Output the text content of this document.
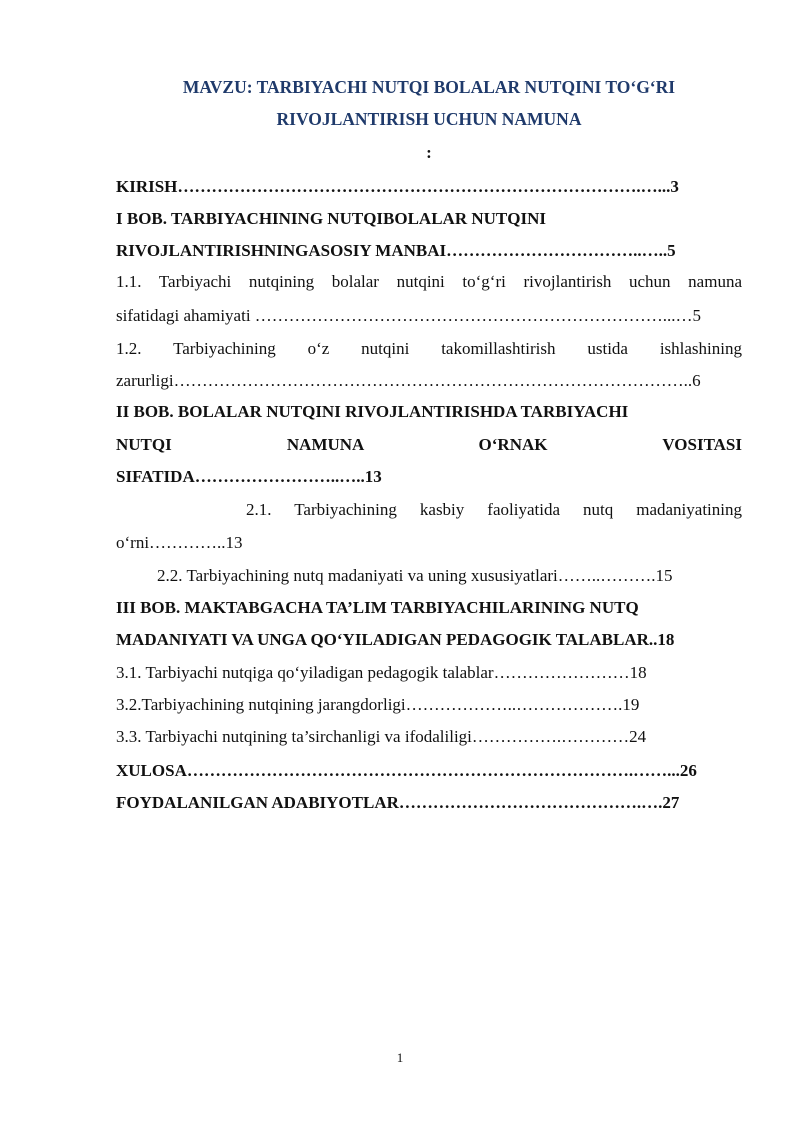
MAVZU: TARBIYACHI NUTQI BOLALAR NUTQINI TO‘G‘RI
RIVOJLANTIRISH UCHUN NAMUNA
:
KIRISH……………………………………………………………………….…...3
I BOB. TARBIYACHINING NUTQIBOLALAR NUTQINI
RIVOJLANTIRISHNINGASOSIY MANBAI……………………………..…..5
1.1. Tarbiyachi nutqining bolalar nutqini to‘g‘ri rivojlantirish uchun namuna
sifatidagi ahamiyati ………………………………………………………………...…5
1.2. Tarbiyachining o‘z nutqini takomillashtirish ustida ishlashining
zarurligi………………………………………………………………………………..6
II BOB. BOLALAR NUTQINI RIVOJLANTIRISHDA TARBIYACHI
NUTQI NAMUNA O‘RNAK VOSITASI
SIFATIDA……………………..…..13
2.1. Tarbiyachining kasbiy faoliyatida nutq madaniyatining
o‘rni…………..13
2.2. Tarbiyachining nutq madaniyati va uning xususiyatlari……..……….15
III BOB. MAKTABGACHA TA’LIM TARBIYACHILARINING NUTQ
MADANIYATI VA UNGA QO‘YILADIGAN PEDAGOGIK TALABLAR..18
3.1. Tarbiyachi nutqiga qo‘yiladigan pedagogik talablar……………………18
3.2.Tarbiyachining nutqining jarangdorligi………………..……………….19
3.3. Tarbiyachi nutqining ta’sirchanligi va ifodaliligi…………….…………24
XULOSA…………………………………………………………………….……...26
FOYDALANILGAN ADABIYOTLAR…………………………………….….27
1
